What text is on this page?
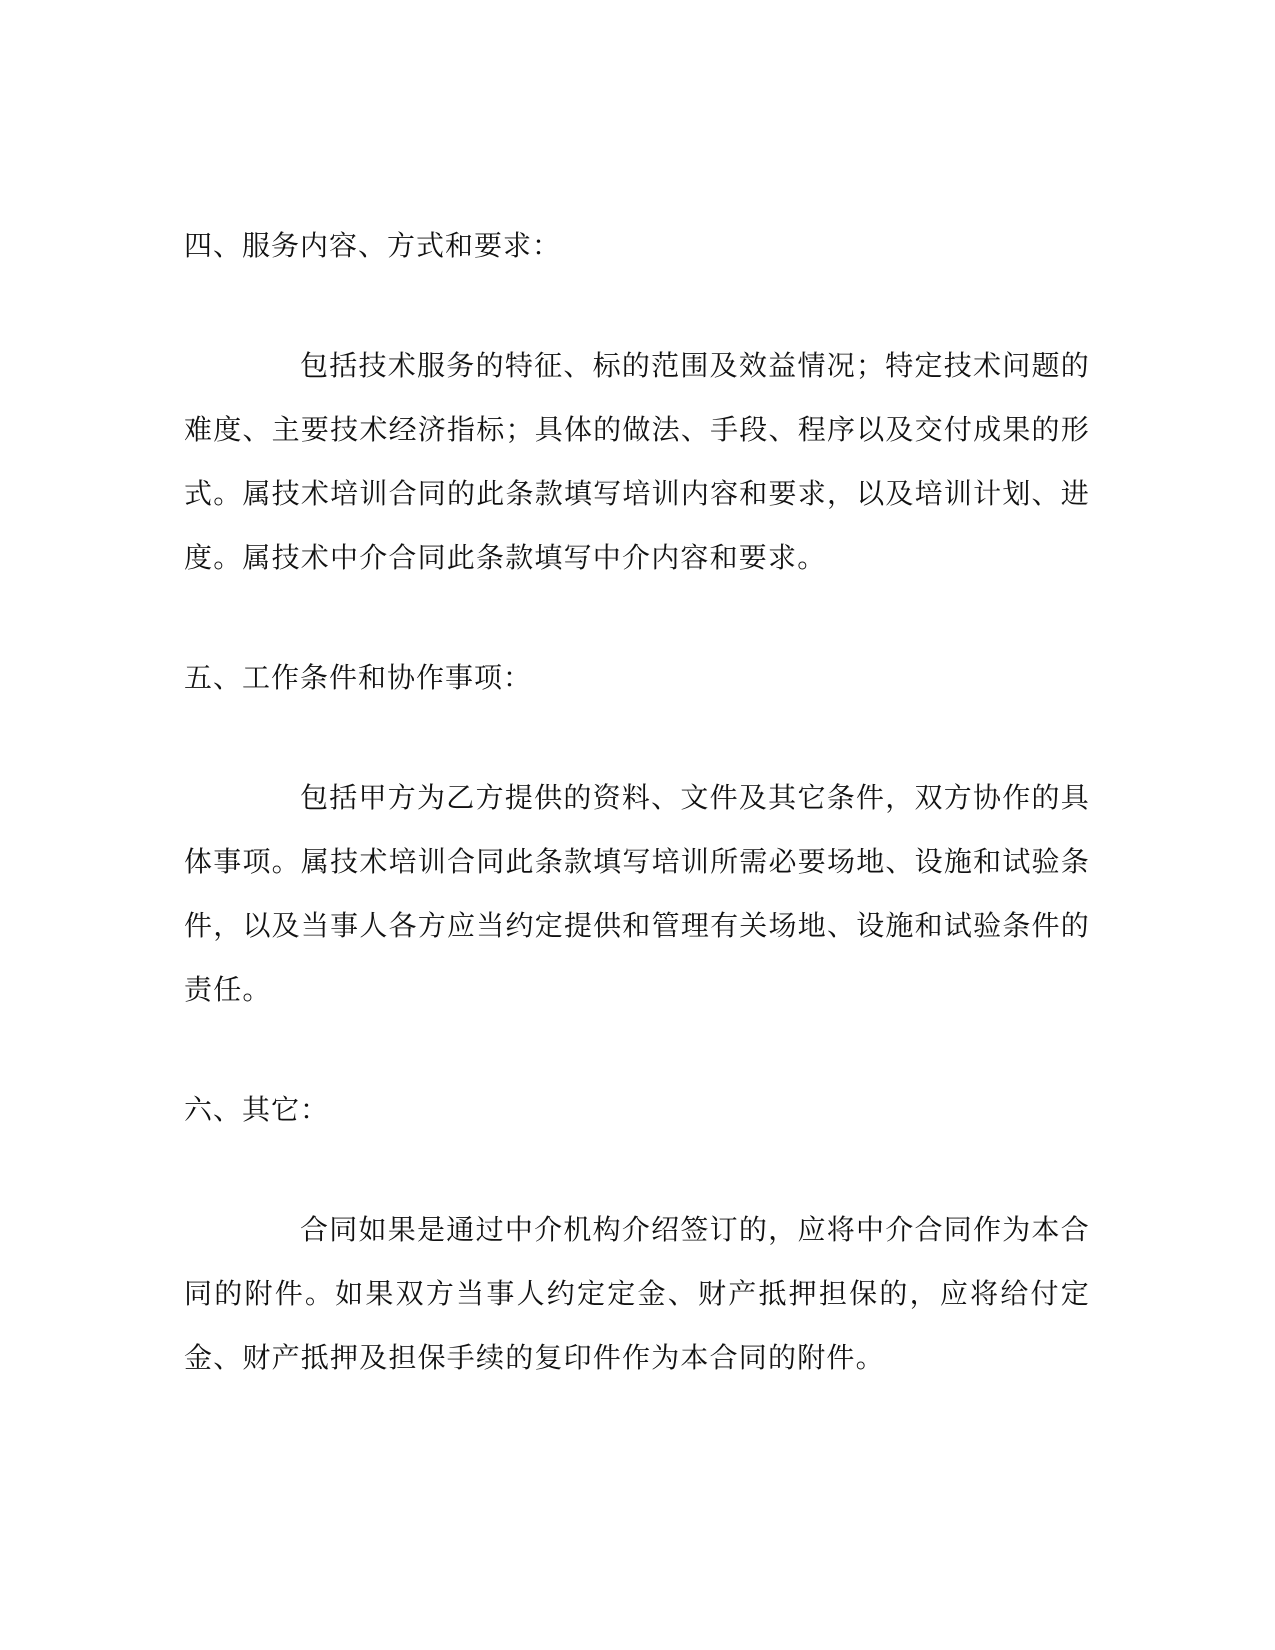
四、服务内容、方式和要求：
包括技术服务的特征、标的范围及效益情况；特定技术问题的难度、主要技术经济指标；具体的做法、手段、程序以及交付成果的形式。属技术培训合同的此条款填写培训内容和要求，以及培训计划、进度。属技术中介合同此条款填写中介内容和要求。
五、工作条件和协作事项：
包括甲方为乙方提供的资料、文件及其它条件，双方协作的具体事项。属技术培训合同此条款填写培训所需必要场地、设施和试验条件，以及当事人各方应当约定提供和管理有关场地、设施和试验条件的责任。
六、其它：
合同如果是通过中介机构介绍签订的，应将中介合同作为本合同的附件。如果双方当事人约定定金、财产抵押担保的，应将给付定金、财产抵押及担保手续的复印件作为本合同的附件。
